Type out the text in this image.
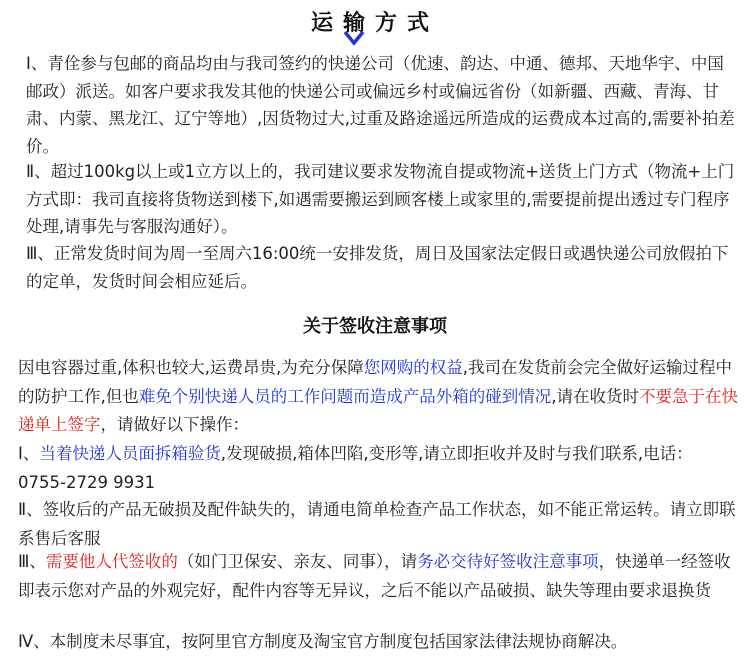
运输方式

Ⅰ、青佺参与包邮的商品均由与我司签约的快递公司（优速、韵达、中通、德邦、天地华宇、中国邮政）派送。如客户要求我发其他的快递公司或偏远乡村或偏远省份（如新疆、西藏、青海、甘肃、内蒙、黑龙江、辽宁等地）,因货物过大,过重及路途遥远所造成的运费成本过高的,需要补拍差价。

Ⅱ、超过100kg以上或1立方以上的，我司建议要求发物流自提或物流+送货上门方式（物流+上门方式即：我司直接将货物送到楼下,如遇需要搬运到顾客楼上或家里的,需要提前提出透过专门程序处理,请事先与客服沟通好）。

Ⅲ、正常发货时间为周一至周六16:00统一安排发货，周日及国家法定假日或遇快递公司放假拍下的定单，发货时间会相应延后。

关于签收注意事项

因电容器过重,体积也较大,运费昂贵,为充分保障您网购的权益,我司在发货前会完全做好运输过程中的防护工作,但也难免个别快递人员的工作问题而造成产品外箱的碰到情况,请在收货时不要急于在快递单上签字，请做好以下操作：

Ⅰ、当着快递人员面拆箱验货,发现破损,箱体凹陷,变形等,请立即拒收并及时与我们联系,电话：
0755-2729 9931

Ⅱ、签收后的产品无破损及配件缺失的，请通电简单检查产品工作状态，如不能正常运转。请立即联系售后客服

Ⅲ、需要他人代签收的（如门卫保安、亲友、同事），请务必交待好签收注意事项，快递单一经签收即表示您对产品的外观完好，配件内容等无异议，之后不能以产品破损、缺失等理由要求退换货

Ⅳ、本制度未尽事宜，按阿里官方制度及淘宝官方制度包括国家法律法规协商解决。
